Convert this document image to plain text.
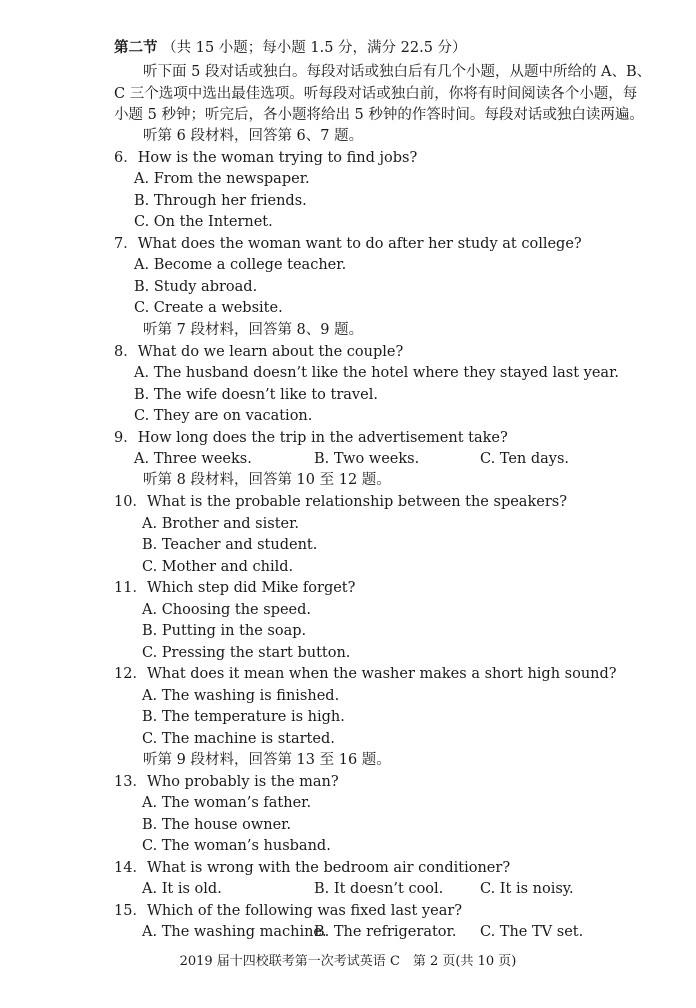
第二节 （共 15 小题；每小题 1.5 分，满分 22.5 分）
听下面 5 段对话或独白。每段对话或独白后有几个小题，从题中所给的 A、B、
C 三个选项中选出最佳选项。听每段对话或独白前，你将有时间阅读各个小题，每
小题 5 秒钟；听完后，各小题将给出 5 秒钟的作答时间。每段对话或独白读两遍。
听第 6 段材料，回答第 6、7 题。
6．How is the woman trying to find jobs?
A. From the newspaper.
B. Through her friends.
C. On the Internet.
7．What does the woman want to do after her study at college?
A. Become a college teacher.
B. Study abroad.
C. Create a website.
听第 7 段材料，回答第 8、9 题。
8．What do we learn about the couple?
A. The husband doesn’t like the hotel where they stayed last year.
B. The wife doesn’t like to travel.
C. They are on vacation.
9．How long does the trip in the advertisement take?
A. Three weeks.	B. Two weeks.	C. Ten days.
听第 8 段材料，回答第 10 至 12 题。
10．What is the probable relationship between the speakers?
A. Brother and sister.
B. Teacher and student.
C. Mother and child.
11．Which step did Mike forget?
A. Choosing the speed.
B. Putting in the soap.
C. Pressing the start button.
12．What does it mean when the washer makes a short high sound?
A. The washing is finished.
B. The temperature is high.
C. The machine is started.
听第 9 段材料，回答第 13 至 16 题。
13．Who probably is the man?
A. The woman’s father.
B. The house owner.
C. The woman’s husband.
14．What is wrong with the bedroom air conditioner?
A. It is old.	B. It doesn’t cool.	C. It is noisy.
15．Which of the following was fixed last year?
A. The washing machine.
B. The refrigerator. C. The TV set.
2019 届十四校联考第一次考试英语 C　第 2 页(共 10 页)
